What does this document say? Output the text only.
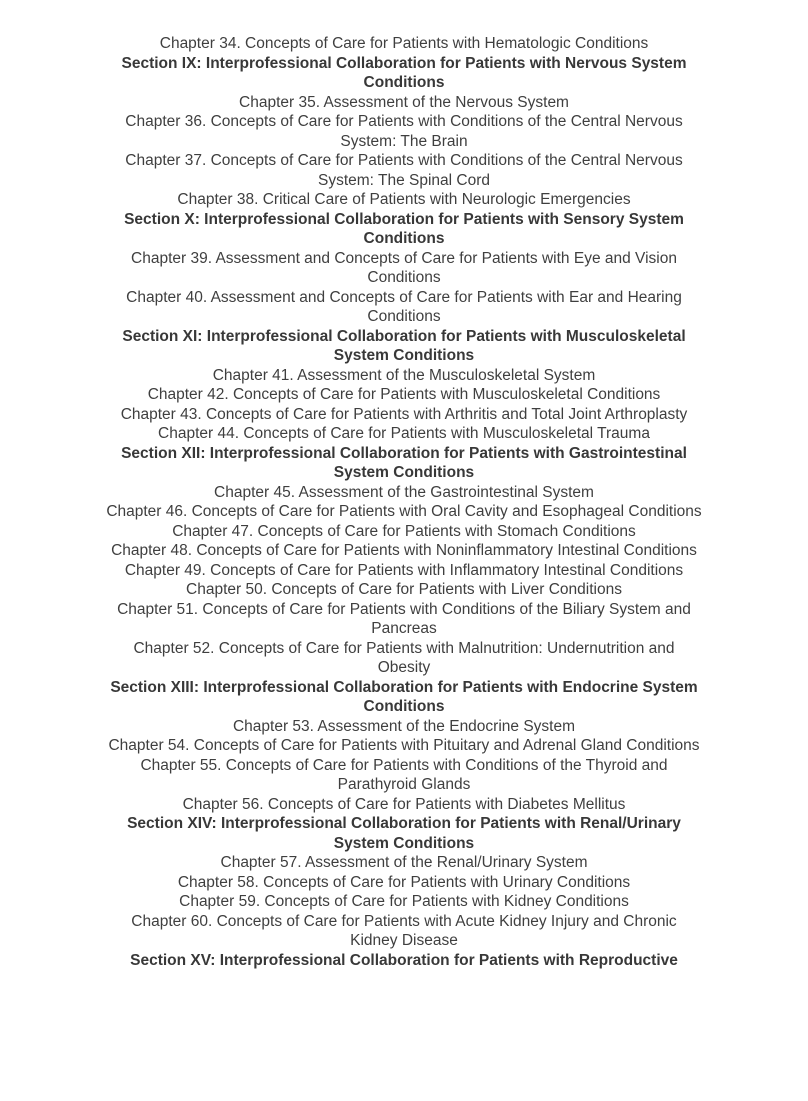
Chapter 34. Concepts of Care for Patients with Hematologic Conditions
Section IX: Interprofessional Collaboration for Patients with Nervous System
Conditions
Chapter 35. Assessment of the Nervous System
Chapter 36. Concepts of Care for Patients with Conditions of the Central Nervous
System: The Brain
Chapter 37. Concepts of Care for Patients with Conditions of the Central Nervous
System: The Spinal Cord
Chapter 38. Critical Care of Patients with Neurologic Emergencies
Section X: Interprofessional Collaboration for Patients with Sensory System
Conditions
Chapter 39. Assessment and Concepts of Care for Patients with Eye and Vision
Conditions
Chapter 40. Assessment and Concepts of Care for Patients with Ear and Hearing
Conditions
Section XI: Interprofessional Collaboration for Patients with Musculoskeletal
System Conditions
Chapter 41. Assessment of the Musculoskeletal System
Chapter 42. Concepts of Care for Patients with Musculoskeletal Conditions
Chapter 43. Concepts of Care for Patients with Arthritis and Total Joint Arthroplasty
Chapter 44. Concepts of Care for Patients with Musculoskeletal Trauma
Section XII: Interprofessional Collaboration for Patients with Gastrointestinal
System Conditions
Chapter 45. Assessment of the Gastrointestinal System
Chapter 46. Concepts of Care for Patients with Oral Cavity and Esophageal Conditions
Chapter 47. Concepts of Care for Patients with Stomach Conditions
Chapter 48. Concepts of Care for Patients with Noninflammatory Intestinal Conditions
Chapter 49. Concepts of Care for Patients with Inflammatory Intestinal Conditions
Chapter 50. Concepts of Care for Patients with Liver Conditions
Chapter 51. Concepts of Care for Patients with Conditions of the Biliary System and
Pancreas
Chapter 52. Concepts of Care for Patients with Malnutrition: Undernutrition and
Obesity
Section XIII: Interprofessional Collaboration for Patients with Endocrine System
Conditions
Chapter 53. Assessment of the Endocrine System
Chapter 54. Concepts of Care for Patients with Pituitary and Adrenal Gland Conditions
Chapter 55. Concepts of Care for Patients with Conditions of the Thyroid and
Parathyroid Glands
Chapter 56. Concepts of Care for Patients with Diabetes Mellitus
Section XIV: Interprofessional Collaboration for Patients with Renal/Urinary
System Conditions
Chapter 57. Assessment of the Renal/Urinary System
Chapter 58. Concepts of Care for Patients with Urinary Conditions
Chapter 59. Concepts of Care for Patients with Kidney Conditions
Chapter 60. Concepts of Care for Patients with Acute Kidney Injury and Chronic
Kidney Disease
Section XV: Interprofessional Collaboration for Patients with Reproductive
